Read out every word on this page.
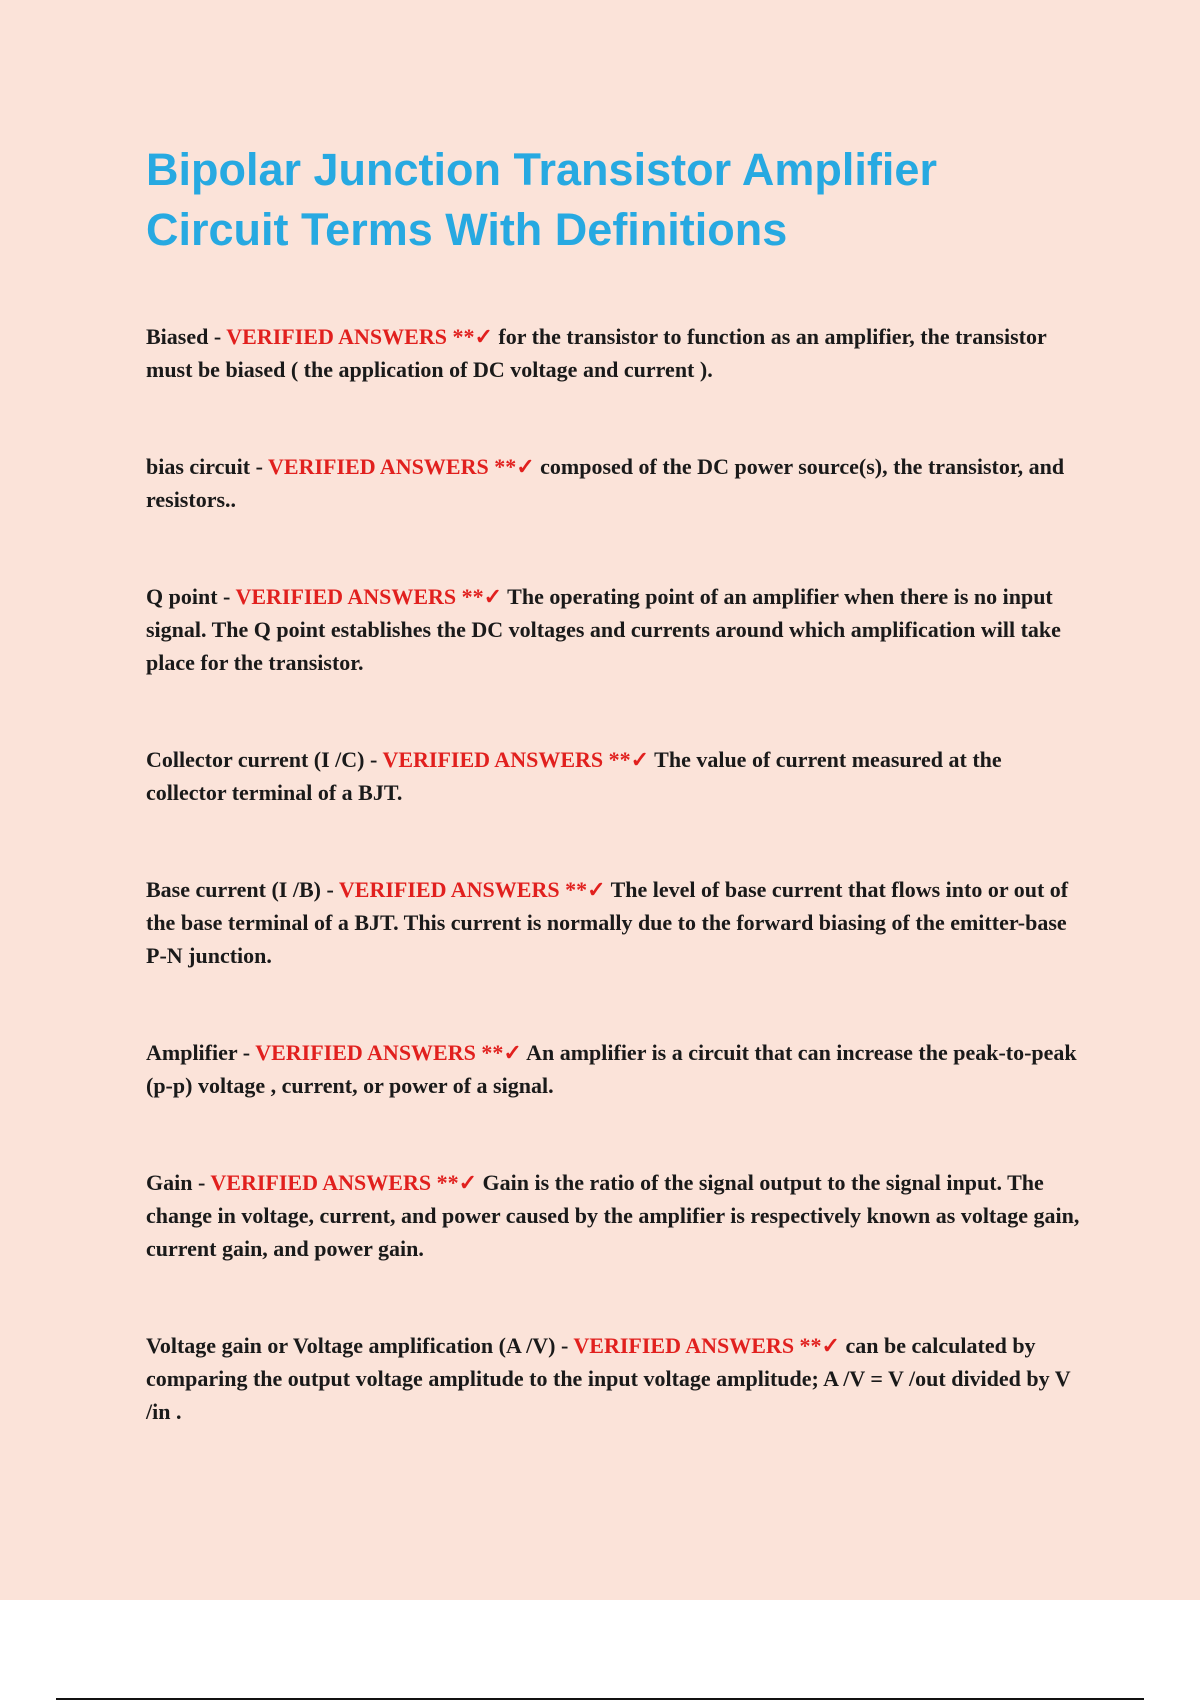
Bipolar Junction Transistor Amplifier
Circuit Terms With Definitions

Biased - VERIFIED ANSWERS **✓ for the transistor to function as an amplifier, the transistor must be biased ( the application of DC voltage and current ).

bias circuit - VERIFIED ANSWERS **✓ composed of the DC power source(s), the transistor, and resistors..

Q point - VERIFIED ANSWERS **✓ The operating point of an amplifier when there is no input signal. The Q point establishes the DC voltages and currents around which amplification will take place for the transistor.

Collector current (I /C) - VERIFIED ANSWERS **✓ The value of current measured at the collector terminal of a BJT.

Base current (I /B) - VERIFIED ANSWERS **✓ The level of base current that flows into or out of the base terminal of a BJT. This current is normally due to the forward biasing of the emitter-base P-N junction.

Amplifier - VERIFIED ANSWERS **✓ An amplifier is a circuit that can increase the peak-to-peak (p-p) voltage , current, or power of a signal.

Gain - VERIFIED ANSWERS **✓ Gain is the ratio of the signal output to the signal input. The change in voltage, current, and power caused by the amplifier is respectively known as voltage gain, current gain, and power gain.

Voltage gain or Voltage amplification (A /V) - VERIFIED ANSWERS **✓ can be calculated by comparing the output voltage amplitude to the input voltage amplitude; A /V = V /out divided by V /in .
